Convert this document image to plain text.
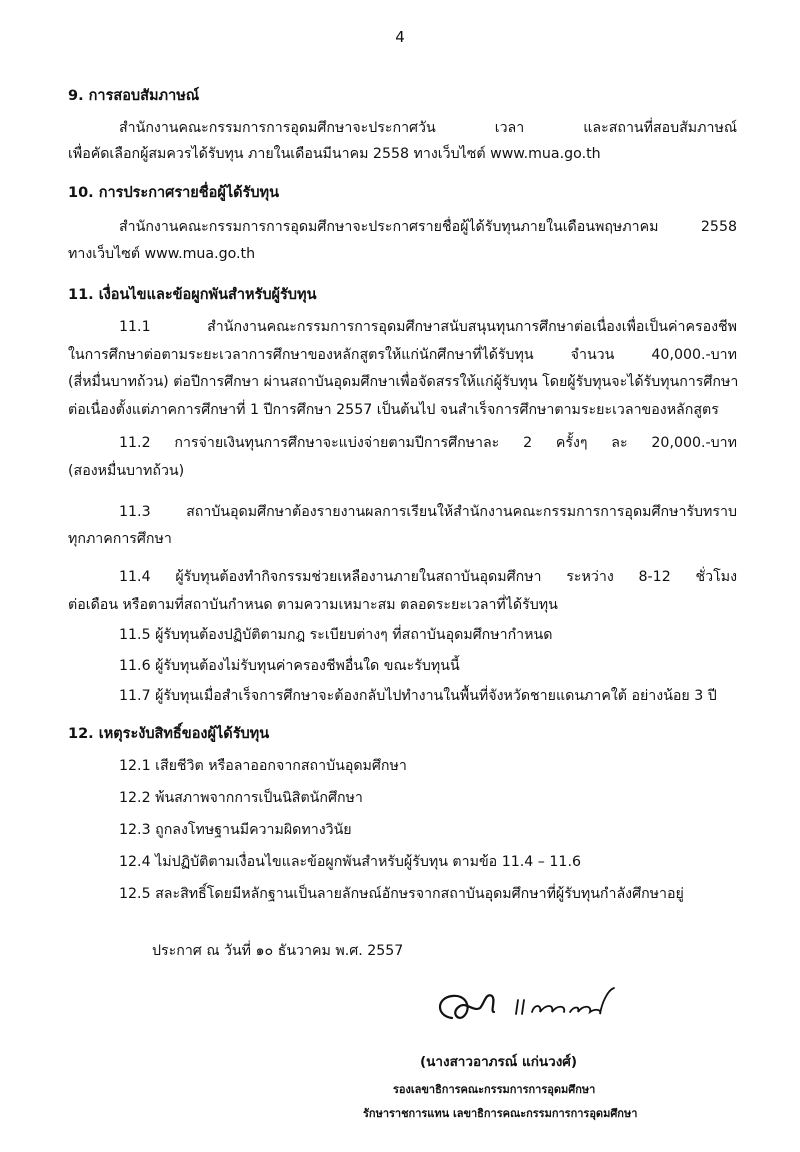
4
9. การสอบสัมภาษณ์
สำนักงานคณะกรรมการการอุดมศึกษาจะประกาศวัน เวลา และสถานที่สอบสัมภาษณ์
เพื่อคัดเลือกผู้สมควรได้รับทุน ภายในเดือนมีนาคม 2558 ทางเว็บไซต์ www.mua.go.th
10. การประกาศรายชื่อผู้ได้รับทุน
สำนักงานคณะกรรมการการอุดมศึกษาจะประกาศรายชื่อผู้ได้รับทุนภายในเดือนพฤษภาคม 2558
ทางเว็บไซต์ www.mua.go.th
11. เงื่อนไขและข้อผูกพันสำหรับผู้รับทุน
11.1 สำนักงานคณะกรรมการการอุดมศึกษาสนับสนุนทุนการศึกษาต่อเนื่องเพื่อเป็นค่าครองชีพ
ในการศึกษาต่อตามระยะเวลาการศึกษาของหลักสูตรให้แก่นักศึกษาที่ได้รับทุน จำนวน 40,000.-บาท
(สี่หมื่นบาทถ้วน) ต่อปีการศึกษา ผ่านสถาบันอุดมศึกษาเพื่อจัดสรรให้แก่ผู้รับทุน โดยผู้รับทุนจะได้รับทุนการศึกษา
ต่อเนื่องตั้งแต่ภาคการศึกษาที่ 1 ปีการศึกษา 2557 เป็นต้นไป จนสำเร็จการศึกษาตามระยะเวลาของหลักสูตร
11.2 การจ่ายเงินทุนการศึกษาจะแบ่งจ่ายตามปีการศึกษาละ 2 ครั้งๆ ละ 20,000.-บาท
(สองหมื่นบาทถ้วน)
11.3 สถาบันอุดมศึกษาต้องรายงานผลการเรียนให้สำนักงานคณะกรรมการการอุดมศึกษารับทราบ
ทุกภาคการศึกษา
11.4 ผู้รับทุนต้องทำกิจกรรมช่วยเหลืองานภายในสถาบันอุดมศึกษา ระหว่าง 8-12 ชั่วโมง
ต่อเดือน หรือตามที่สถาบันกำหนด ตามความเหมาะสม ตลอดระยะเวลาที่ได้รับทุน
11.5 ผู้รับทุนต้องปฏิบัติตามกฎ ระเบียบต่างๆ ที่สถาบันอุดมศึกษากำหนด
11.6 ผู้รับทุนต้องไม่รับทุนค่าครองชีพอื่นใด ขณะรับทุนนี้
11.7 ผู้รับทุนเมื่อสำเร็จการศึกษาจะต้องกลับไปทำงานในพื้นที่จังหวัดชายแดนภาคใต้ อย่างน้อย 3 ปี
12. เหตุระงับสิทธิ์ของผู้ได้รับทุน
12.1 เสียชีวิต หรือลาออกจากสถาบันอุดมศึกษา
12.2 พ้นสภาพจากการเป็นนิสิตนักศึกษา
12.3 ถูกลงโทษฐานมีความผิดทางวินัย
12.4 ไม่ปฏิบัติตามเงื่อนไขและข้อผูกพันสำหรับผู้รับทุน ตามข้อ 11.4 – 11.6
12.5 สละสิทธิ์โดยมีหลักฐานเป็นลายลักษณ์อักษรจากสถาบันอุดมศึกษาที่ผู้รับทุนกำลังศึกษาอยู่
ประกาศ ณ วันที่ ๑๐ ธันวาคม พ.ศ. 2557
(นางสาวอาภรณ์ แก่นวงศ์)
รองเลขาธิการคณะกรรมการการอุดมศึกษา
รักษาราชการแทน เลขาธิการคณะกรรมการการอุดมศึกษา
